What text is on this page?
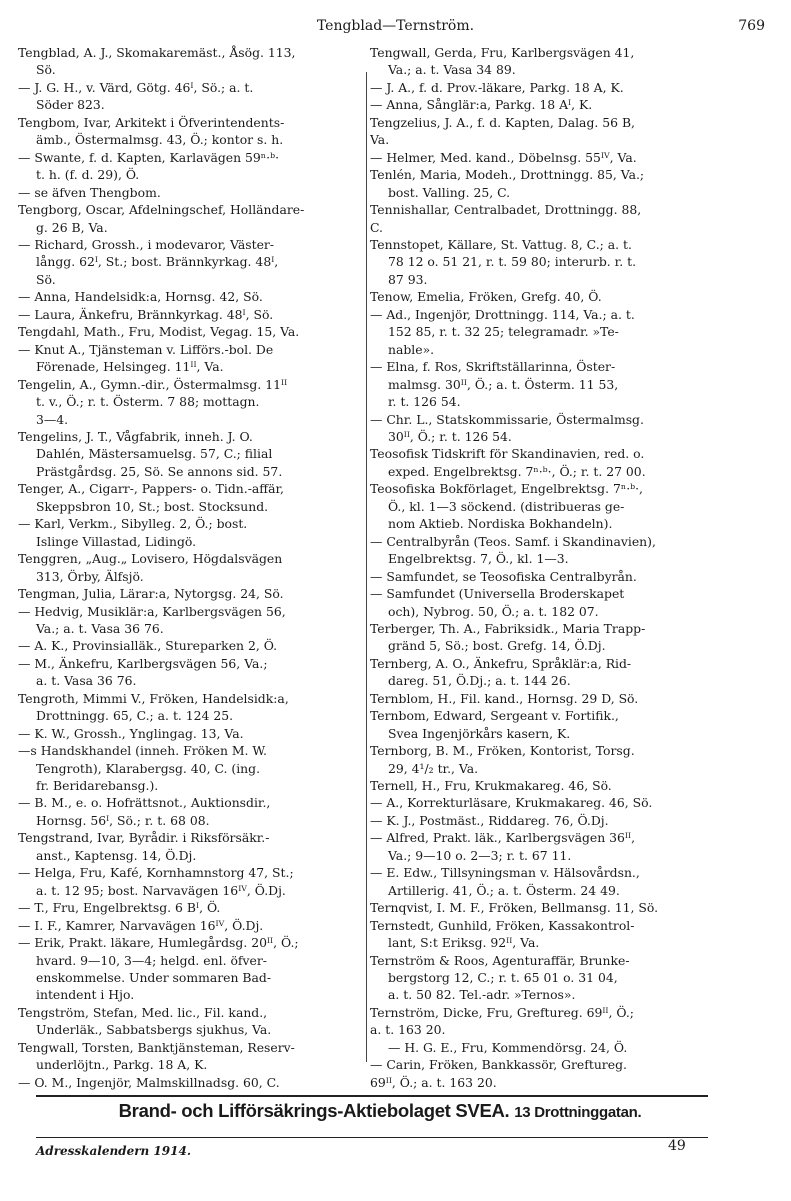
Tengblad—Ternström.	769
Tengblad, A. J., Skomakaremäst., Åsög. 113,
Sö.
— J. G. H., v. Värd, Götg. 46ᴵ, Sö.; a. t.
Söder 823.
Tengbom, Ivar, Arkitekt i Öfverintendents-
ämb., Östermalmsg. 43, Ö.; kontor s. h.
— Swante, f. d. Kapten, Karlavägen 59ⁿ·ᵇ·
t. h. (f. d. 29), Ö.
— se äfven Thengbom.
Tengborg, Oscar, Afdelningschef, Holländare-
g. 26 B, Va.
— Richard, Grossh., i modevaror, Väster-
långg. 62ᴵ, St.; bost. Brännkyrkag. 48ᴵ,
Sö.
— Anna, Handelsidk:a, Hornsg. 42, Sö.
— Laura, Änkefru, Brännkyrkag. 48ᴵ, Sö.
Tengdahl, Math., Fru, Modist, Vegag. 15, Va.
— Knut A., Tjänsteman v. Lifförs.-bol. De
Förenade, Helsingeg. 11ᴵᴵ, Va.
Tengelin, A., Gymn.-dir., Östermalmsg. 11ᴵᴵ
t. v., Ö.; r. t. Österm. 7 88; mottagn.
3—4.
Tengelins, J. T., Vågfabrik, inneh. J. O.
Dahlén, Mästersamuelsg. 57, C.; filial
Prästgårdsg. 25, Sö. Se annons sid. 57.
Tenger, A., Cigarr-, Pappers- o. Tidn.-affär,
Skeppsbron 10, St.; bost. Stocksund.
— Karl, Verkm., Sibylleg. 2, Ö.; bost.
Islinge Villastad, Lidingö.
Tenggren, „Aug.„ Lovisero, Högdalsvägen
313, Örby, Älfsjö.
Tengman, Julia, Lärar:a, Nytorgsg. 24, Sö.
— Hedvig, Musiklär:a, Karlbergsvägen 56,
Va.; a. t. Vasa 36 76.
— A. K., Provinsialläk., Stureparken 2, Ö.
— M., Änkefru, Karlbergsvägen 56, Va.;
a. t. Vasa 36 76.
Tengroth, Mimmi V., Fröken, Handelsidk:a,
Drottningg. 65, C.; a. t. 124 25.
— K. W., Grossh., Ynglingag. 13, Va.
—s Handskhandel (inneh. Fröken M. W.
Tengroth), Klarabergsg. 40, C. (ing.
fr. Beridarebansg.).
— B. M., e. o. Hofrättsnot., Auktionsdir.,
Hornsg. 56ᴵ, Sö.; r. t. 68 08.
Tengstrand, Ivar, Byrådir. i Riksförsäkr.-
anst., Kaptensg. 14, Ö.Dj.
— Helga, Fru, Kafé, Kornhamnstorg 47, St.;
a. t. 12 95; bost. Narvavägen 16ᴵⱽ, Ö.Dj.
— T., Fru, Engelbrektsg. 6 Bᴵ, Ö.
— I. F., Kamrer, Narvavägen 16ᴵⱽ, Ö.Dj.
— Erik, Prakt. läkare, Humlegårdsg. 20ᴵᴵ, Ö.;
hvard. 9—10, 3—4; helgd. enl. öfver-
enskommelse. Under sommaren Bad-
intendent i Hjo.
Tengström, Stefan, Med. lic., Fil. kand.,
Underläk., Sabbatsbergs sjukhus, Va.
Tengwall, Torsten, Banktjänsteman, Reserv-
underlöjtn., Parkg. 18 A, K.
— O. M., Ingenjör, Malmskillnadsg. 60, C.
Tengwall, Gerda, Fru, Karlbergsvägen 41,
Va.; a. t. Vasa 34 89.
— J. A., f. d. Prov.-läkare, Parkg. 18 A, K.
— Anna, Sånglär:a, Parkg. 18 Aᴵ, K.
Tengzelius, J. A., f. d. Kapten, Dalag. 56 B,
Va.
— Helmer, Med. kand., Döbelnsg. 55ᴵⱽ, Va.
Tenlén, Maria, Modeh., Drottningg. 85, Va.;
bost. Valling. 25, C.
Tennishallar, Centralbadet, Drottningg. 88,
C.
Tennstopet, Källare, St. Vattug. 8, C.; a. t.
78 12 o. 51 21, r. t. 59 80; interurb. r. t.
87 93.
Tenow, Emelia, Fröken, Grefg. 40, Ö.
— Ad., Ingenjör, Drottningg. 114, Va.; a. t.
152 85, r. t. 32 25; telegramadr. »Te-
nable».
— Elna, f. Ros, Skriftställarinna, Öster-
malmsg. 30ᴵᴵ, Ö.; a. t. Österm. 11 53,
r. t. 126 54.
— Chr. L., Statskommissarie, Östermalmsg.
30ᴵᴵ, Ö.; r. t. 126 54.
Teosofisk Tidskrift för Skandinavien, red. o.
exped. Engelbrektsg. 7ⁿ·ᵇ·, Ö.; r. t. 27 00.
Teosofiska Bokförlaget, Engelbrektsg. 7ⁿ·ᵇ·,
Ö., kl. 1—3 söckend. (distribueras ge-
nom Aktieb. Nordiska Bokhandeln).
— Centralbyrån (Teos. Samf. i Skandinavien),
Engelbrektsg. 7, Ö., kl. 1—3.
— Samfundet, se Teosofiska Centralbyrån.
— Samfundet (Universella Broderskapet
och), Nybrog. 50, Ö.; a. t. 182 07.
Terberger, Th. A., Fabriksidk., Maria Trapp-
gränd 5, Sö.; bost. Grefg. 14, Ö.Dj.
Ternberg, A. O., Änkefru, Språklär:a, Rid-
dareg. 51, Ö.Dj.; a. t. 144 26.
Ternblom, H., Fil. kand., Hornsg. 29 D, Sö.
Ternbom, Edward, Sergeant v. Fortifik.,
Svea Ingenjörkårs kasern, K.
Ternborg, B. M., Fröken, Kontorist, Torsg.
29, 4¹/₂ tr., Va.
Ternell, H., Fru, Krukmakareg. 46, Sö.
— A., Korrekturläsare, Krukmakareg. 46, Sö.
— K. J., Postmäst., Riddareg. 76, Ö.Dj.
— Alfred, Prakt. läk., Karlbergsvägen 36ᴵᴵ,
Va.; 9—10 o. 2—3; r. t. 67 11.
— E. Edw., Tillsyningsman v. Hälsovårdsn.,
Artillerig. 41, Ö.; a. t. Österm. 24 49.
Ternqvist, I. M. F., Fröken, Bellmansg. 11, Sö.
Ternstedt, Gunhild, Fröken, Kassakontrol-
lant, S:t Eriksg. 92ᴵᴵ, Va.
Ternström & Roos, Agenturaffär, Brunke-
bergstorg 12, C.; r. t. 65 01 o. 31 04,
a. t. 50 82. Tel.-adr. »Ternos».
Ternström, Dicke, Fru, Greftureg. 69ᴵᴵ, Ö.;
a. t. 163 20.
— H. G. E., Fru, Kommendörsg. 24, Ö.
— Carin, Fröken, Bankkassör, Greftureg.
69ᴵᴵ, Ö.; a. t. 163 20.
Brand- och Lifförsäkrings-Aktiebolaget SVEA. 13 Drottninggatan.
Adresskalendern 1914.	49
